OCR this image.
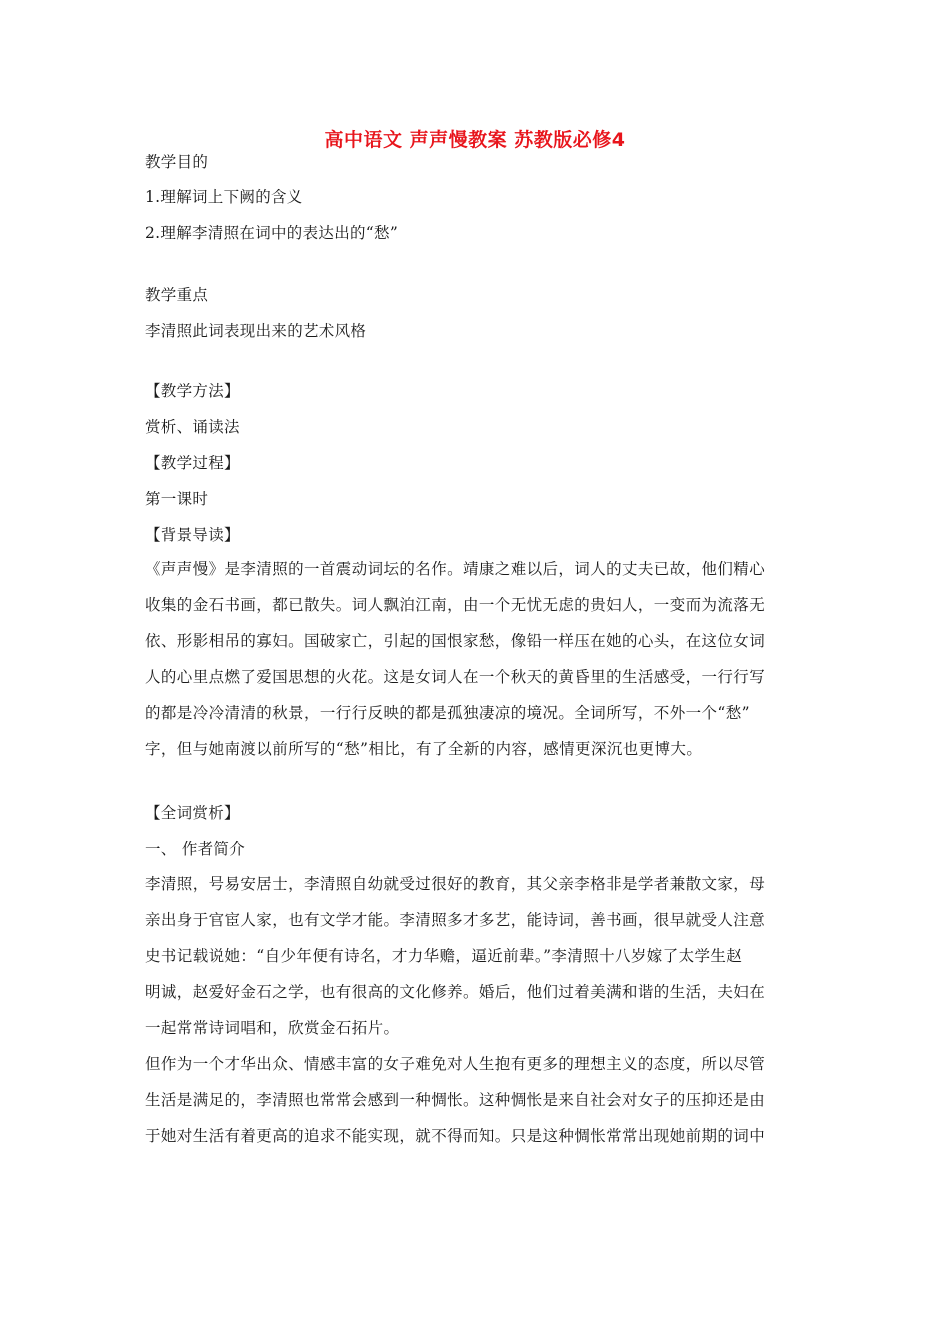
高中语文 声声慢教案 苏教版必修4
教学目的
1.理解词上下阙的含义
2.理解李清照在词中的表达出的“愁”
教学重点
李清照此词表现出来的艺术风格
【教学方法】
赏析、诵读法
【教学过程】
第一课时
【背景导读】
《声声慢》是李清照的一首震动词坛的名作。靖康之难以后，词人的丈夫已故，他们精心
收集的金石书画，都已散失。词人飘泊江南，由一个无忧无虑的贵妇人，一变而为流落无
依、形影相吊的寡妇。国破家亡，引起的国恨家愁，像铅一样压在她的心头，在这位女词
人的心里点燃了爱国思想的火花。这是女词人在一个秋天的黄昏里的生活感受，一行行写
的都是冷冷清清的秋景，一行行反映的都是孤独凄凉的境况。全词所写，不外一个“愁”
字，但与她南渡以前所写的“愁”相比，有了全新的内容，感情更深沉也更博大。
【全词赏析】
一、 作者简介
李清照，号易安居士，李清照自幼就受过很好的教育，其父亲李格非是学者兼散文家，母
亲出身于官宦人家，也有文学才能。李清照多才多艺，能诗词，善书画，很早就受人注意
史书记载说她：“自少年便有诗名，才力华赡，逼近前辈。”李清照十八岁嫁了太学生赵
明诚，赵爱好金石之学，也有很高的文化修养。婚后，他们过着美满和谐的生活，夫妇在
一起常常诗词唱和，欣赏金石拓片。
但作为一个才华出众、情感丰富的女子难免对人生抱有更多的理想主义的态度，所以尽管
生活是满足的，李清照也常常会感到一种惆怅。这种惆怅是来自社会对女子的压抑还是由
于她对生活有着更高的追求不能实现，就不得而知。只是这种惆怅常常出现她前期的词中
